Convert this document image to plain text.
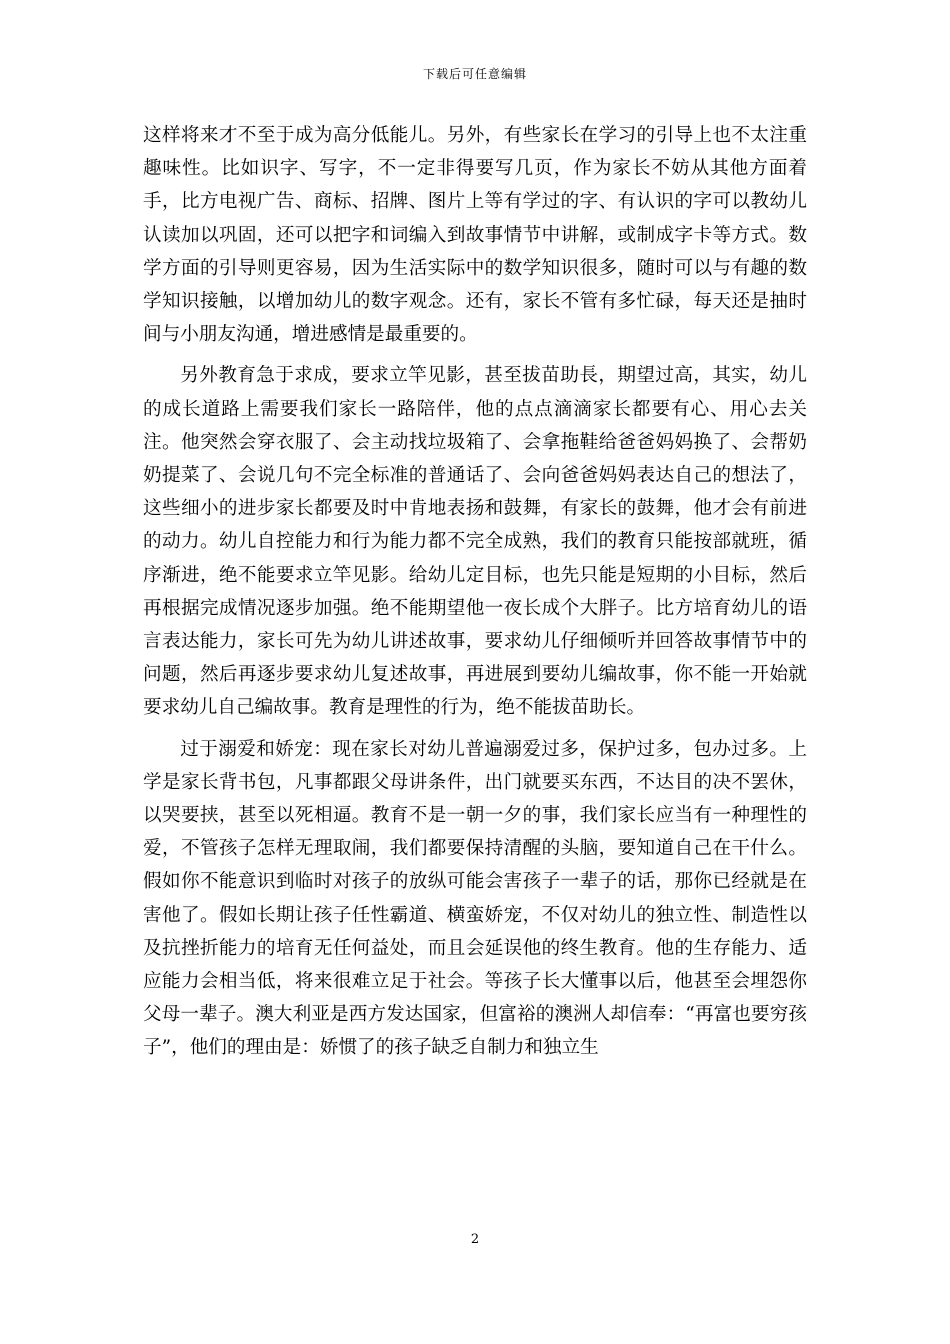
下载后可任意编辑

这样将来才不至于成为高分低能儿。另外，有些家长在学习的引导上也不太注重趣味性。比如识字、写字，不一定非得要写几页，作为家长不妨从其他方面着手，比方电视广告、商标、招牌、图片上等有学过的字、有认识的字可以教幼儿认读加以巩固，还可以把字和词编入到故事情节中讲解，或制成字卡等方式。数学方面的引导则更容易，因为生活实际中的数学知识很多，随时可以与有趣的数学知识接触，以增加幼儿的数字观念。还有，家长不管有多忙碌，每天还是抽时间与小朋友沟通，增进感情是最重要的。

另外教育急于求成，要求立竿见影，甚至拔苗助長，期望过高，其实，幼儿的成长道路上需要我们家长一路陪伴，他的点点滴滴家长都要有心、用心去关注。他突然会穿衣服了、会主动找垃圾箱了、会拿拖鞋给爸爸妈妈换了、会帮奶奶提菜了、会说几句不完全标准的普通话了、会向爸爸妈妈表达自己的想法了，这些细小的进步家长都要及时中肯地表扬和鼓舞，有家长的鼓舞，他才会有前进的动力。幼儿自控能力和行为能力都不完全成熟，我们的教育只能按部就班，循序渐进，绝不能要求立竿见影。给幼儿定目标，也先只能是短期的小目标，然后再根据完成情况逐步加强。绝不能期望他一夜长成个大胖子。比方培育幼儿的语言表达能力，家长可先为幼儿讲述故事，要求幼儿仔细倾听并回答故事情节中的问题，然后再逐步要求幼儿复述故事，再进展到要幼儿编故事，你不能一开始就要求幼儿自己编故事。教育是理性的行为，绝不能拔苗助长。

过于溺爱和娇宠：现在家长对幼儿普遍溺爱过多，保护过多，包办过多。上学是家长背书包，凡事都跟父母讲条件，出门就要买东西，不达目的决不罢休，以哭要挟，甚至以死相逼。教育不是一朝一夕的事，我们家长应当有一种理性的爱，不管孩子怎样无理取闹，我们都要保持清醒的头脑，要知道自己在干什么。假如你不能意识到临时对孩子的放纵可能会害孩子一辈子的话，那你已经就是在害他了。假如长期让孩子任性霸道、横蛮娇宠，不仅对幼儿的独立性、制造性以及抗挫折能力的培育无任何益处，而且会延误他的终生教育。他的生存能力、适应能力会相当低，将来很难立足于社会。等孩子长大懂事以后，他甚至会埋怨你父母一辈子。澳大利亚是西方发达国家，但富裕的澳洲人却信奉：“再富也要穷孩子”，他们的理由是：娇惯了的孩子缺乏自制力和独立生

2
